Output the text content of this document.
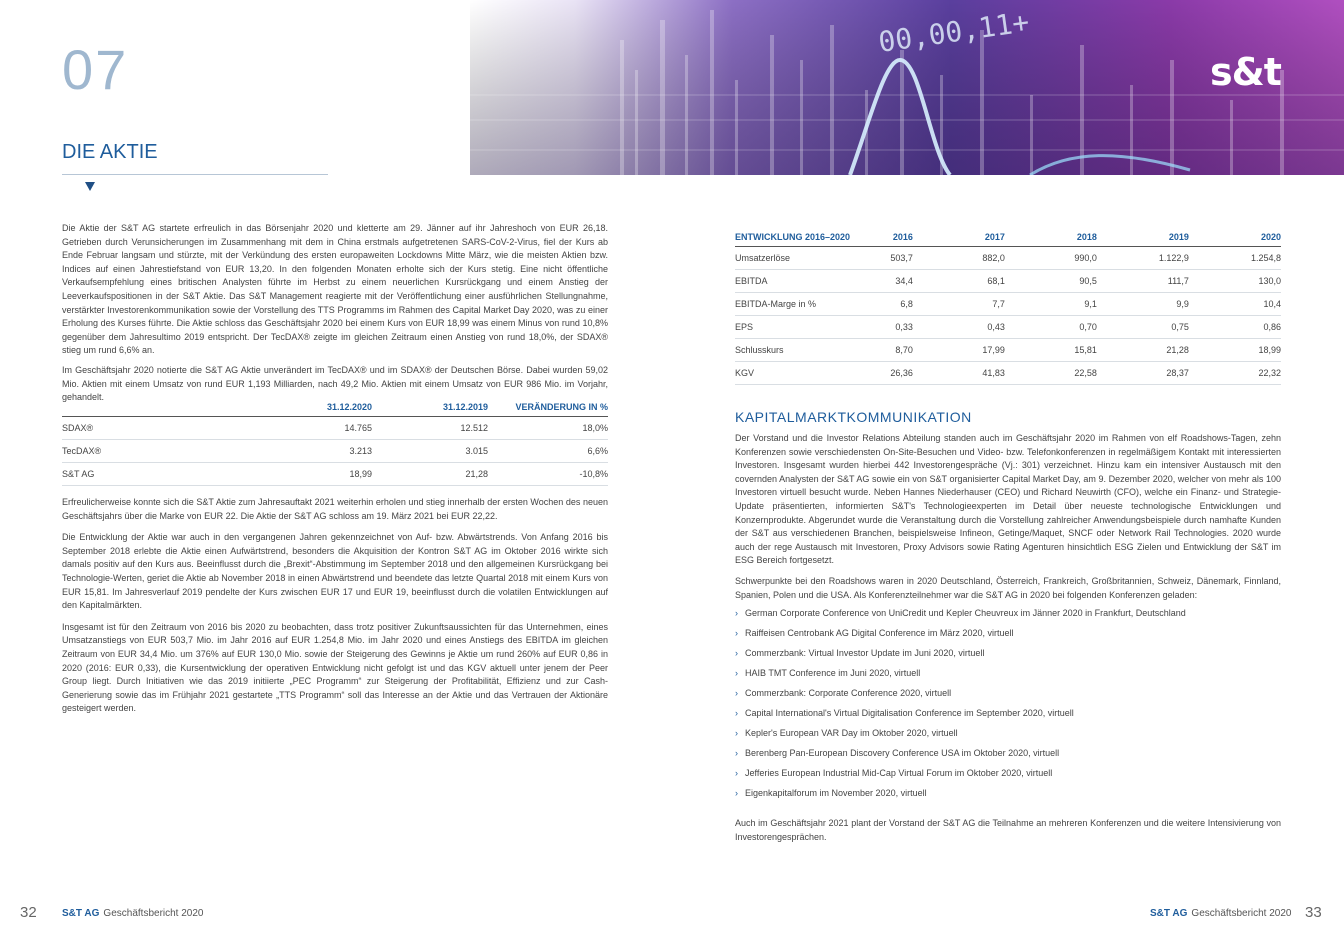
00,00,11+
s&t
07
DIE AKTIE

Die Aktie der S&T AG startete erfreulich in das Börsenjahr 2020 und kletterte am 29. Jänner auf ihr Jahreshoch von EUR 26,18. Getrieben durch Verunsicherungen im Zusammenhang mit dem in China erstmals aufgetretenen SARS-CoV-2-Virus, fiel der Kurs ab Ende Februar langsam und stürzte, mit der Verkündung des ersten europaweiten Lockdowns Mitte März, wie die meisten Aktien bzw. Indices auf einen Jahrestiefstand von EUR 13,20. In den folgenden Monaten erholte sich der Kurs stetig. Eine nicht öffentliche Verkaufsempfehlung eines britischen Analysten führte im Herbst zu einem neuerlichen Kursrückgang und einem Anstieg der Leeverkaufspositionen in der S&T Aktie. Das S&T Management reagierte mit der Veröffentlichung einer ausführlichen Stellungnahme, verstärkter Investorenkommunikation sowie der Vorstellung des TTS Programms im Rahmen des Capital Market Day 2020, was zu einer Erholung des Kurses führte. Die Aktie schloss das Geschäftsjahr 2020 bei einem Kurs von EUR 18,99 was einem Minus von rund 10,8% gegenüber dem Jahresultimo 2019 entspricht. Der TecDAX® zeigte im gleichen Zeitraum einen Anstieg von rund 18,0%, der SDAX® stieg um rund 6,6% an.

Im Geschäftsjahr 2020 notierte die S&T AG Aktie unverändert im TecDAX® und im SDAX® der Deutschen Börse. Dabei wurden 59,02 Mio. Aktien mit einem Umsatz von rund EUR 1,193 Milliarden, nach 49,2 Mio. Aktien mit einem Umsatz von EUR 986 Mio. im Vorjahr, gehandelt.

	31.12.2020	31.12.2019	VERÄNDERUNG IN %
SDAX®	14.765	12.512	18,0%
TecDAX®	3.213	3.015	6,6%
S&T AG	18,99	21,28	-10,8%

Erfreulicherweise konnte sich die S&T Aktie zum Jahresauftakt 2021 weiterhin erholen und stieg innerhalb der ersten Wochen des neuen Geschäftsjahrs über die Marke von EUR 22. Die Aktie der S&T AG schloss am 19. März 2021 bei EUR 22,22.

Die Entwicklung der Aktie war auch in den vergangenen Jahren gekennzeichnet von Auf- bzw. Abwärtstrends. Von Anfang 2016 bis September 2018 erlebte die Aktie einen Aufwärtstrend, besonders die Akquisition der Kontron S&T AG im Oktober 2016 wirkte sich damals positiv auf den Kurs aus. Beeinflusst durch die „Brexit“-Abstimmung im September 2018 und den allgemeinen Kursrückgang bei Technologie-Werten, geriet die Aktie ab November 2018 in einen Abwärtstrend und beendete das letzte Quartal 2018 mit einem Kurs von EUR 15,81. Im Jahresverlauf 2019 pendelte der Kurs zwischen EUR 17 und EUR 19, beeinflusst durch die volatilen Entwicklungen auf den Kapitalmärkten.

Insgesamt ist für den Zeitraum von 2016 bis 2020 zu beobachten, dass trotz positiver Zukunftsaussichten für das Unternehmen, eines Umsatzanstiegs von EUR 503,7 Mio. im Jahr 2016 auf EUR 1.254,8 Mio. im Jahr 2020 und eines Anstiegs des EBITDA im gleichen Zeitraum von EUR 34,4 Mio. um 376% auf EUR 130,0 Mio. sowie der Steigerung des Gewinns je Aktie um rund 260% auf EUR 0,86 in 2020 (2016: EUR 0,33), die Kursentwicklung der operativen Entwicklung nicht gefolgt ist und das KGV aktuell unter jenem der Peer Group liegt. Durch Initiativen wie das 2019 initiierte „PEC Programm“ zur Steigerung der Profitabilität, Effizienz und zur Cash-Generierung sowie das im Frühjahr 2021 gestartete „TTS Programm“ soll das Interesse an der Aktie und das Vertrauen der Aktionäre gesteigert werden.

ENTWICKLUNG 2016–2020	2016	2017	2018	2019	2020
Umsatzerlöse	503,7	882,0	990,0	1.122,9	1.254,8
EBITDA	34,4	68,1	90,5	111,7	130,0
EBITDA-Marge in %	6,8	7,7	9,1	9,9	10,4
EPS	0,33	0,43	0,70	0,75	0,86
Schlusskurs	8,70	17,99	15,81	21,28	18,99
KGV	26,36	41,83	22,58	28,37	22,32
KAPITALMARKTKOMMUNIKATION

Der Vorstand und die Investor Relations Abteilung standen auch im Geschäftsjahr 2020 im Rahmen von elf Roadshows-Tagen, zehn Konferenzen sowie verschiedensten On-Site-Besuchen und Video- bzw. Telefonkonferenzen in regelmäßigem Kontakt mit interessierten Investoren. Insgesamt wurden hierbei 442 Investorengespräche (Vj.: 301) verzeichnet. Hinzu kam ein intensiver Austausch mit den covernden Analysten der S&T AG sowie ein von S&T organisierter Capital Market Day, am 9. Dezember 2020, welcher von mehr als 100 Investoren virtuell besucht wurde. Neben Hannes Niederhauser (CEO) und Richard Neuwirth (CFO), welche ein Finanz- und Strategie-Update präsentierten, informierten S&T's Technologieexperten im Detail über neueste technologische Entwicklungen und Konzernprodukte. Abgerundet wurde die Veranstaltung durch die Vorstellung zahlreicher Anwendungsbeispiele durch namhafte Kunden der S&T aus verschiedenen Branchen, beispielsweise Infineon, Getinge/Maquet, SNCF oder Network Rail Technologies. 2020 wurde auch der rege Austausch mit Investoren, Proxy Advisors sowie Rating Agenturen hinsichtlich ESG Zielen und Entwicklung der S&T im ESG Bereich fortgesetzt.

Schwerpunkte bei den Roadshows waren in 2020 Deutschland, Österreich, Frankreich, Großbritannien, Schweiz, Dänemark, Finnland, Spanien, Polen und die USA. Als Konferenzteilnehmer war die S&T AG in 2020 bei folgenden Konferenzen geladen:

› German Corporate Conference von UniCredit und Kepler Cheuvreux im Jänner 2020 in Frankfurt, Deutschland
› Raiffeisen Centrobank AG Digital Conference im März 2020, virtuell
› Commerzbank: Virtual Investor Update im Juni 2020, virtuell
› HAIB TMT Conference im Juni 2020, virtuell
› Commerzbank: Corporate Conference 2020, virtuell
› Capital International's Virtual Digitalisation Conference im September 2020, virtuell
› Kepler's European VAR Day im Oktober 2020, virtuell
› Berenberg Pan-European Discovery Conference USA im Oktober 2020, virtuell
› Jefferies European Industrial Mid-Cap Virtual Forum im Oktober 2020, virtuell
› Eigenkapitalforum im November 2020, virtuell

Auch im Geschäftsjahr 2021 plant der Vorstand der S&T AG die Teilnahme an mehreren Konferenzen und die weitere Intensivierung von Investorengesprächen.

32	S&T AG Geschäftsbericht 2020	S&T AG Geschäftsbericht 2020 33
